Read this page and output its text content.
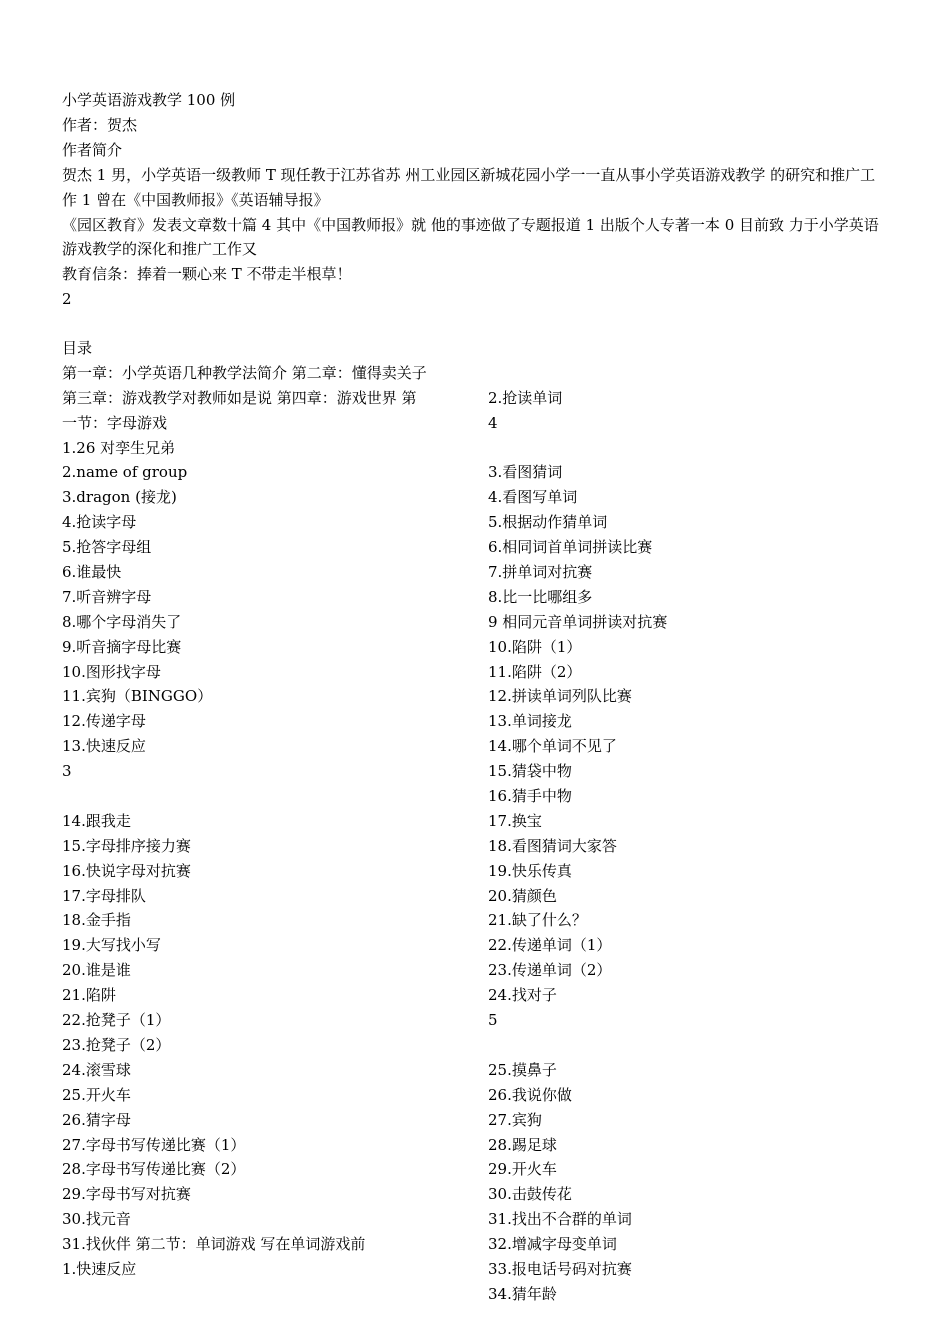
小学英语游戏教学 100 例
作者：贺杰
作者简介
贺杰 1 男，小学英语一级教师 T 现任教于江苏省苏 州工业园区新城花园小学一一直从事小学英语游戏教学 的研究和推广工作 1 曾在《中国教师报》《英语辅导报》
《园区教育》发表文章数十篇 4 其中《中国教师报》就 他的事迹做了专题报道 1 出版个人专著一本 0 目前致 力于小学英语游戏教学的深化和推广工作又
教育信条：捧着一颗心来 T 不带走半根草！
2
目录
第一章：小学英语几种教学法简介 第二章：懂得卖关子
第三章：游戏教学对教师如是说 第四章：游戏世界 第
一节：字母游戏
1.26 对孪生兄弟
2.name of group
3.dragon (接龙)
4.抢读字母
5.抢答字母组
6.谁最快
7.听音辨字母
8.哪个字母消失了
9.听音摘字母比赛
10.图形找字母
11.宾狗（BINGGO）
12.传递字母
13.快速反应
3
14.跟我走
15.字母排序接力赛
16.快说字母对抗赛
17.字母排队
18.金手指
19.大写找小写
20.谁是谁
21.陷阱
22.抢凳子（1）
23.抢凳子（2）
24.滚雪球
25.开火车
26.猜字母
27.字母书写传递比赛（1）
28.字母书写传递比赛（2）
29.字母书写对抗赛
30.找元音
31.找伙伴 第二节：单词游戏 写在单词游戏前
1.快速反应
2.抢读单词
4
3.看图猜词
4.看图写单词
5.根据动作猜单词
6.相同词首单词拼读比赛
7.拼单词对抗赛
8.比一比哪组多
9 相同元音单词拼读对抗赛
10.陷阱（1）
11.陷阱（2）
12.拼读单词列队比赛
13.单词接龙
14.哪个单词不见了
15.猜袋中物
16.猜手中物
17.换宝
18.看图猜词大家答
19.快乐传真
20.猜颜色
21.缺了什么？
22.传递单词（1）
23.传递单词（2）
24.找对子
5
25.摸鼻子
26.我说你做
27.宾狗
28.踢足球
29.开火车
30.击鼓传花
31.找出不合群的单词
32.增减字母变单词
33.报电话号码对抗赛
34.猜年龄
